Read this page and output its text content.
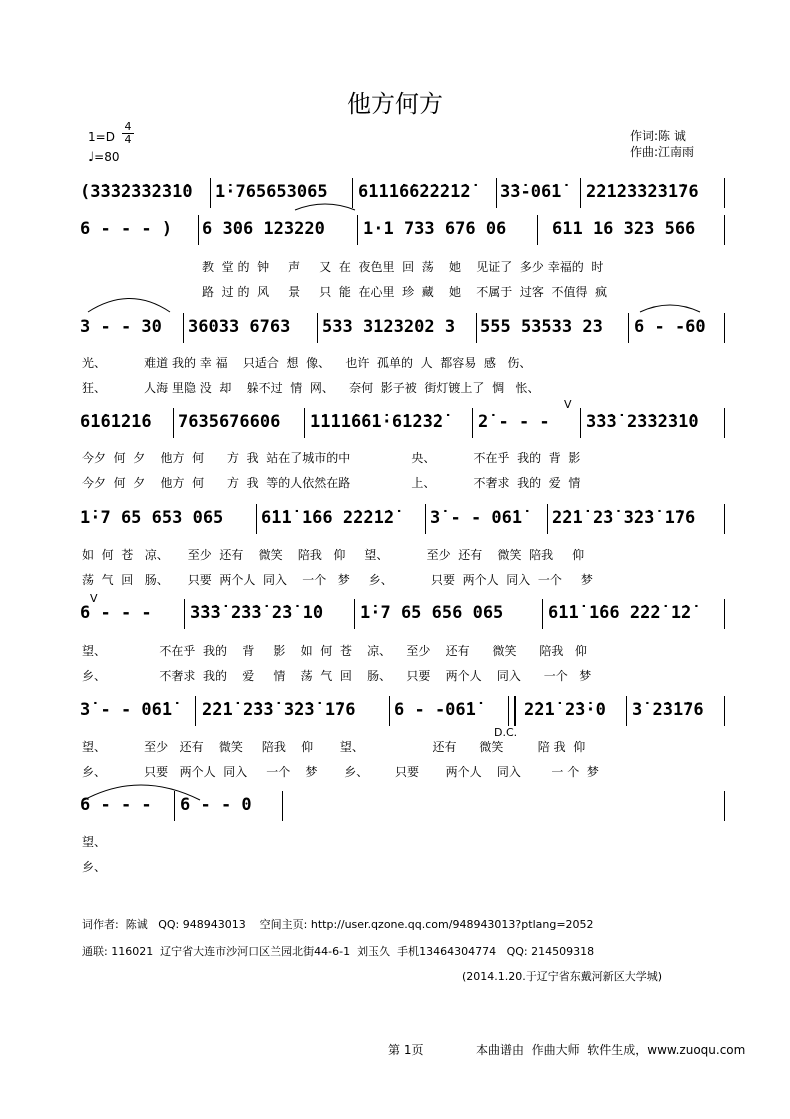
他方何方
1=D
4
4
♩=80
作词:陈 诚
作曲:江南雨
(3̇3̇3̇2̇3̇3̇2̇3̇1̇0 1̇·765653065 6̇1̇1̇1̇6̇6̇2̇2̇2̇1̇2̇ 3̇3̇-06̇1̇ 2̇2̇1̇2̇3̇3̇2̇3̇1̇76
6 - - - ) 6 306 123220 1·1 733 676 06	611 16 323 566
教  堂 的  钟     声     又  在  夜色里  回  荡    她    见证了  多少 幸福的  时
路  过 的  风     景     只  能  在心里  珍  藏    她    不属于  过客  不值得  疯
3 - - 30 36033 6763 533 3123202 3 555 53533 23 6 - -60
光、          难道 我的 幸 福    只适合  想  像、    也许  孤单的  人  都容易  感   伤、
狂、          人海 里隐 没  却    躲不过  情  网、    奈何  影子被  街灯镀上了  惆   怅、
6̇1̇6̇1̇2̇1̇6 7635676606 1̇1̇1̇1̇6̇6̇1̇·6̇1̇2̇3̇2̇ 2̇ - - - 3̇3̇3̇ 2̇3̇3̇2̇3̇1̇0
V
今夕  何  夕    他方  何      方  我  站在了城市的中                央、          不在乎  我的  背  影
今夕  何  夕    他方  何      方  我  等的人依然在路                上、          不奢求  我的  爱  情
1̇·7 65 653 065 6̇1̇1̇ 1̇66 2̇2̇2̇1̇2̇ 3̇ - - 06̇1̇ 2̇2̇1̇ 2̇3̇ 3̇2̇3̇ 1̇76
如  何  苍   凉、     至少  还有    微笑    陪我   仰     望、          至少  还有    微笑  陪我     仰
荡  气  回   肠、     只要  两个人  同入    一个   梦     乡、          只要  两个人  同入  一个     梦
6 - - - 3̇3̇3̇ 2̇3̇3̇ 2̇3̇ 1̇0 1̇·7 65 656 065	6̇1̇1̇ 1̇66 2̇2̇2̇ 1̇2̇
V
望、              不在乎  我的    背     影    如  何  苍    凉、    至少    还有      微笑      陪我   仰
乡、              不奢求  我的    爱     情    荡  气  回    肠、    只要    两个人    同入      一个   梦
3̇ - - 06̇1̇ 2̇2̇1̇ 2̇3̇3̇ 3̇2̇3̇ 1̇76 6 - -06̇1̇	2̇2̇1̇ 2̇3̇·0 3̇ 2̇3̇1̇76
D.C.
望、          至少   还有    微笑     陪我    仰       望、                  还有      微笑         陪 我  仰
乡、          只要   两个人  同入     一个    梦       乡、       只要       两个人    同入        一 个  梦
6 - - - 6 - - 0
望、
乡、
词作者:  陈诚   QQ: 948943013    空间主页: http://user.qzone.qq.com/948943013?ptlang=2052
通联: 116021  辽宁省大连市沙河口区兰园北街44-6-1  刘玉久  手机13464304774   QQ: 214509318
(2014.1.20.于辽宁省东戴河新区大学城)
第 1页	本曲谱由  作曲大师  软件生成，www.zuoqu.com
